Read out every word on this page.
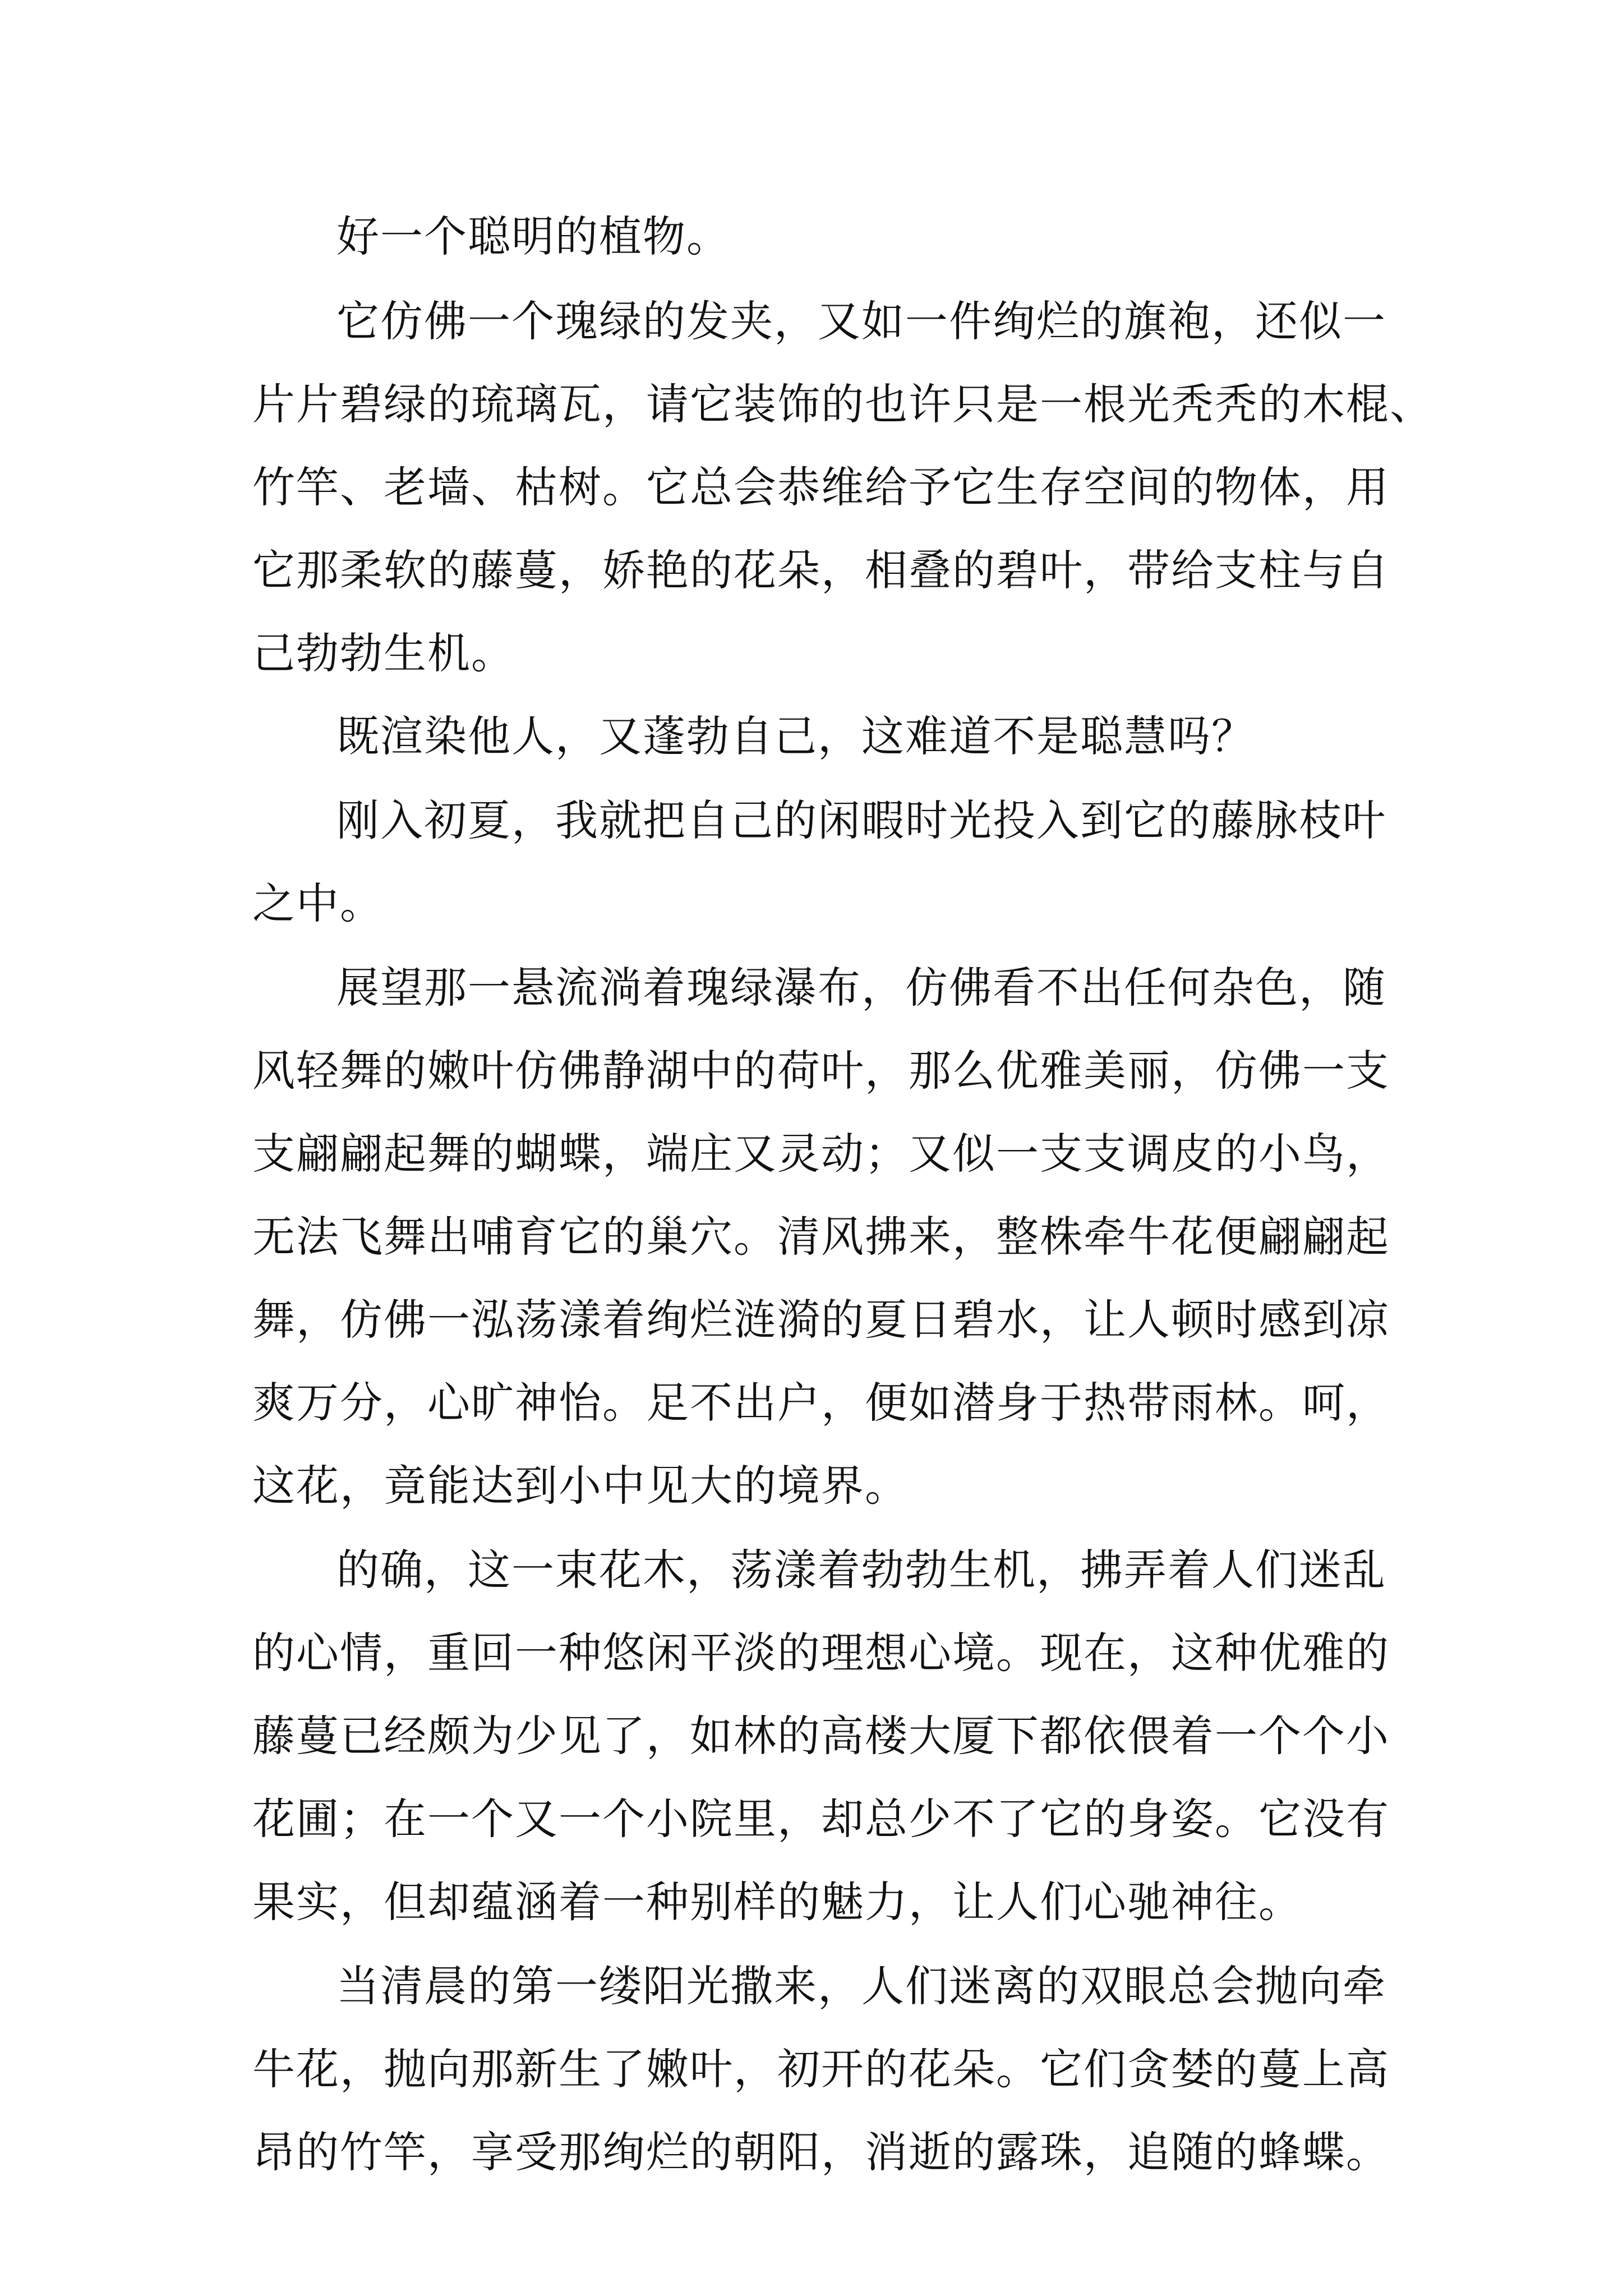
好一个聪明的植物。

它仿佛一个瑰绿的发夹，又如一件绚烂的旗袍，还似一

片片碧绿的琉璃瓦，请它装饰的也许只是一根光秃秃的木棍、

竹竿、老墙、枯树。它总会恭维给予它生存空间的物体，用

它那柔软的藤蔓，娇艳的花朵，相叠的碧叶，带给支柱与自

己勃勃生机。

既渲染他人，又蓬勃自己，这难道不是聪慧吗？

刚入初夏，我就把自己的闲暇时光投入到它的藤脉枝叶

之中。

展望那一悬流淌着瑰绿瀑布，仿佛看不出任何杂色，随

风轻舞的嫩叶仿佛静湖中的荷叶，那么优雅美丽，仿佛一支

支翩翩起舞的蝴蝶，端庄又灵动；又似一支支调皮的小鸟，

无法飞舞出哺育它的巢穴。清风拂来，整株牵牛花便翩翩起

舞，仿佛一泓荡漾着绚烂涟漪的夏日碧水，让人顿时感到凉

爽万分，心旷神怡。足不出户，便如潜身于热带雨林。呵，

这花，竟能达到小中见大的境界。

的确，这一束花木，荡漾着勃勃生机，拂弄着人们迷乱

的心情，重回一种悠闲平淡的理想心境。现在，这种优雅的

藤蔓已经颇为少见了，如林的高楼大厦下都依偎着一个个小

花圃；在一个又一个小院里，却总少不了它的身姿。它没有

果实，但却蕴涵着一种别样的魅力，让人们心驰神往。

当清晨的第一缕阳光撒来，人们迷离的双眼总会抛向牵

牛花，抛向那新生了嫩叶，初开的花朵。它们贪婪的蔓上高

昂的竹竿，享受那绚烂的朝阳，消逝的露珠，追随的蜂蝶。
